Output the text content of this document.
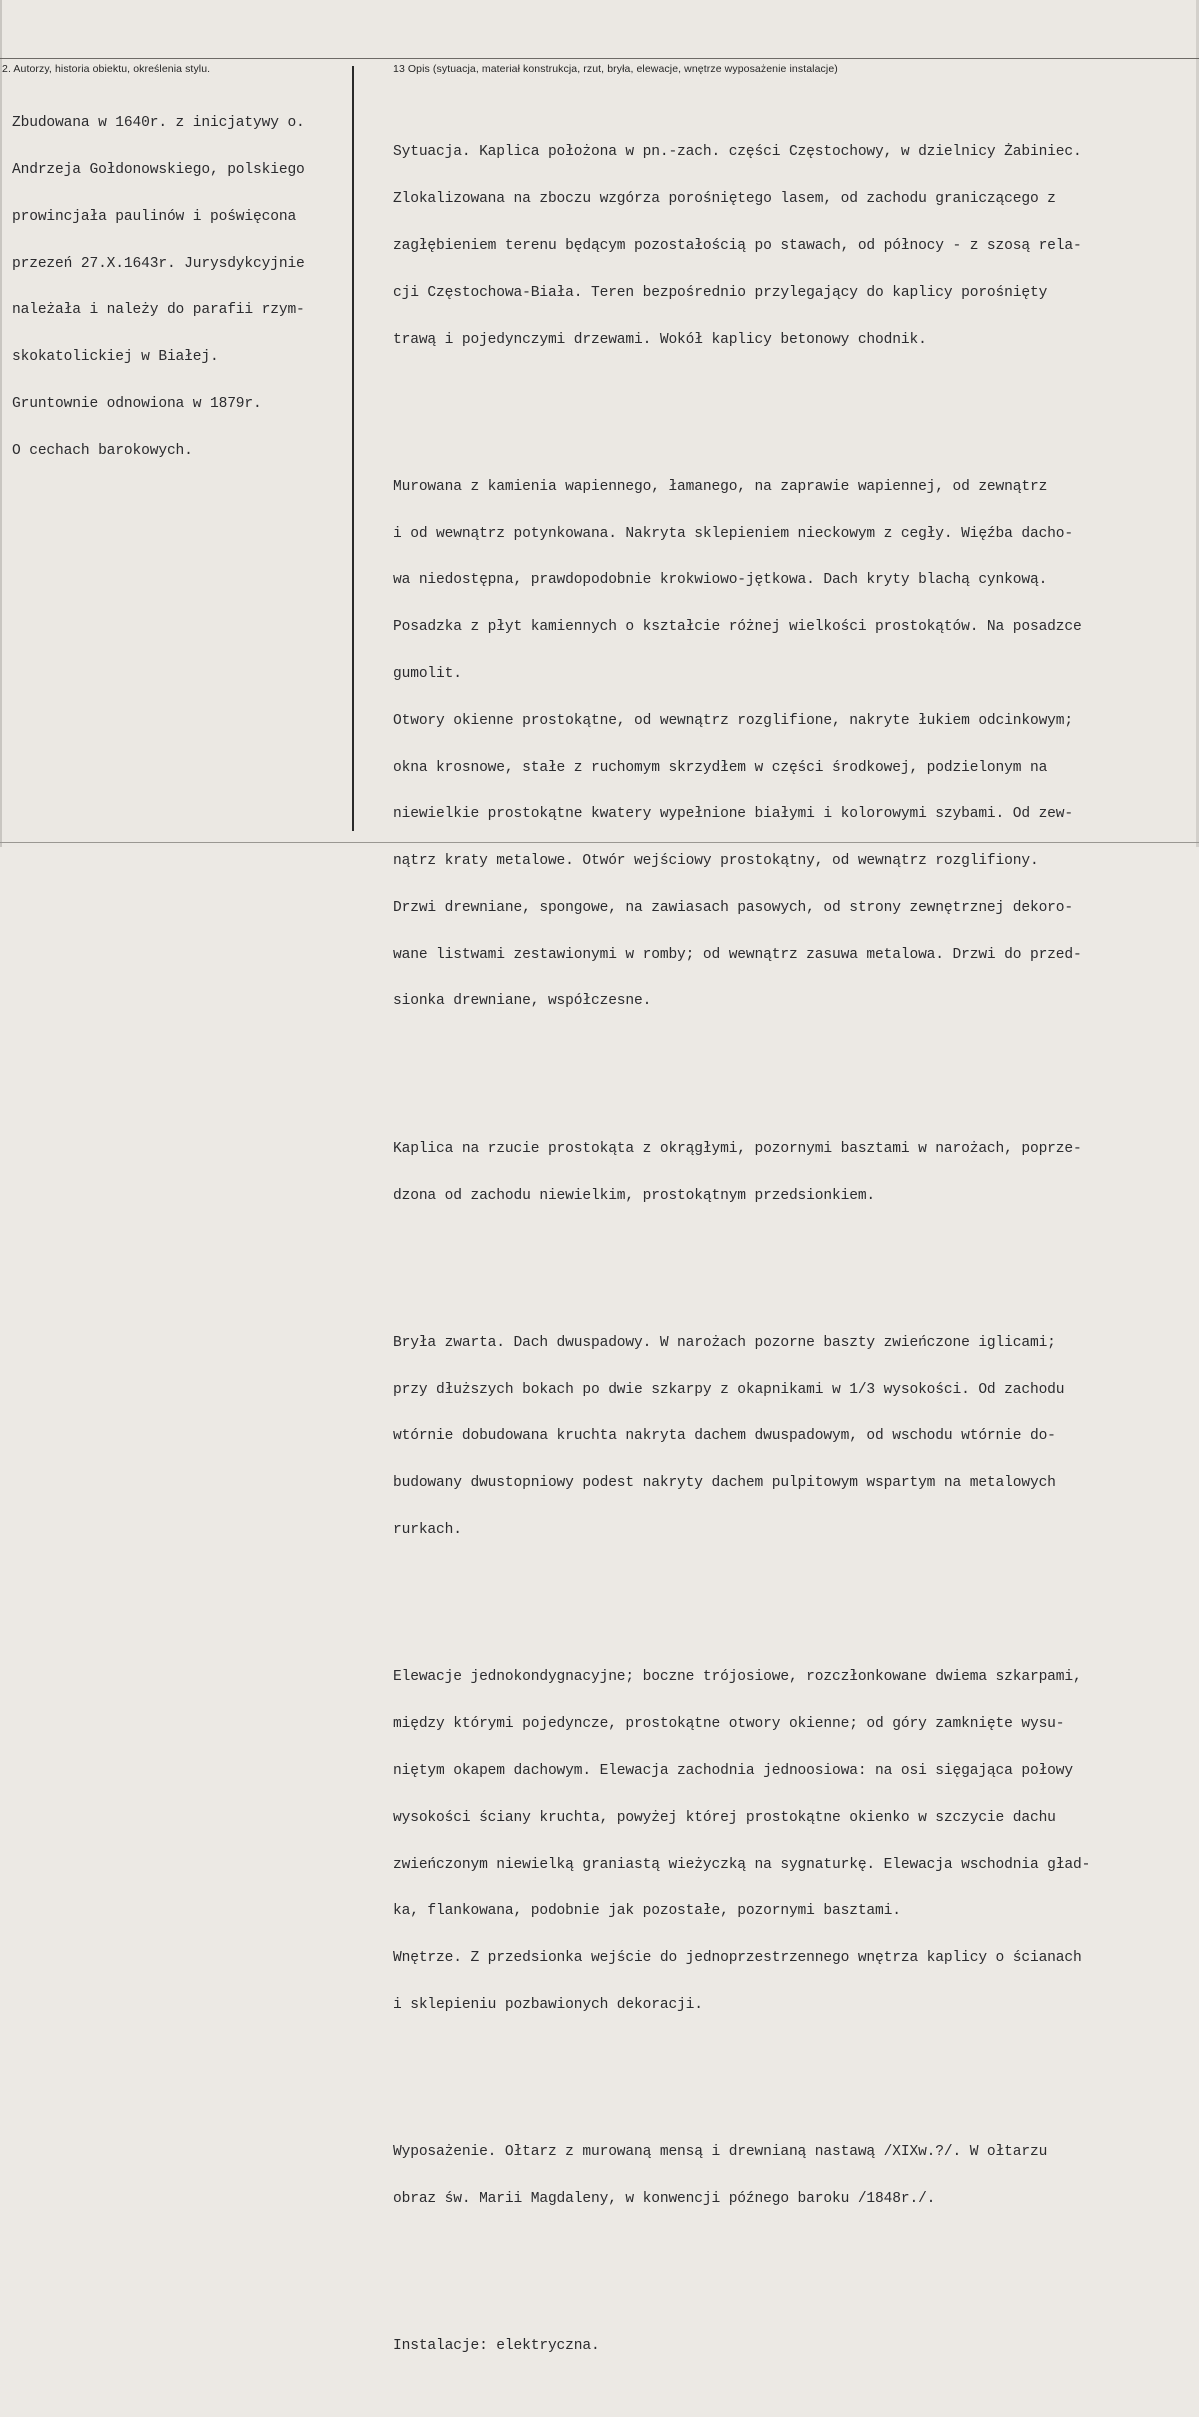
2. Autorzy, historia obiektu, określenia stylu.	13 Opis (sytuacja, materiał konstrukcja, rzut, bryła, elewacje, wnętrze wyposażenie instalacje)

Zbudowana w 1640r. z inicjatywy o.

Andrzeja Gołdonowskiego, polskiego

prowincjała paulinów i poświęcona

przezeń 27.X.1643r. Jurysdykcyjnie

należała i należy do parafii rzym-

skokatolickiej w Białej.

Gruntownie odnowiona w 1879r.

O cechach barokowych.

Sytuacja. Kaplica położona w pn.-zach. części Częstochowy, w dzielnicy Żabiniec.

Zlokalizowana na zboczu wzgórza porośniętego lasem, od zachodu graniczącego z

zagłębieniem terenu będącym pozostałością po stawach, od północy - z szosą rela-

cji Częstochowa-Biała. Teren bezpośrednio przylegający do kaplicy porośnięty

trawą i pojedynczymi drzewami. Wokół kaplicy betonowy chodnik.

Murowana z kamienia wapiennego, łamanego, na zaprawie wapiennej, od zewnątrz

i od wewnątrz potynkowana. Nakryta sklepieniem nieckowym z cegły. Więźba dacho-

wa niedostępna, prawdopodobnie krokwiowo-jętkowa. Dach kryty blachą cynkową.

Posadzka z płyt kamiennych o kształcie różnej wielkości prostokątów. Na posadzce

gumolit.

Otwory okienne prostokątne, od wewnątrz rozglifione, nakryte łukiem odcinkowym;

okna krosnowe, stałe z ruchomym skrzydłem w części środkowej, podzielonym na

niewielkie prostokątne kwatery wypełnione białymi i kolorowymi szybami. Od zew-

nątrz kraty metalowe. Otwór wejściowy prostokątny, od wewnątrz rozglifiony.

Drzwi drewniane, spongowe, na zawiasach pasowych, od strony zewnętrznej dekoro-

wane listwami zestawionymi w romby; od wewnątrz zasuwa metalowa. Drzwi do przed-

sionka drewniane, współczesne.

Kaplica na rzucie prostokąta z okrągłymi, pozornymi basztami w narożach, poprze-

dzona od zachodu niewielkim, prostokątnym przedsionkiem.

Bryła zwarta. Dach dwuspadowy. W narożach pozorne baszty zwieńczone iglicami;

przy dłuższych bokach po dwie szkarpy z okapnikami w 1/3 wysokości. Od zachodu

wtórnie dobudowana kruchta nakryta dachem dwuspadowym, od wschodu wtórnie do-

budowany dwustopniowy podest nakryty dachem pulpitowym wspartym na metalowych

rurkach.

Elewacje jednokondygnacyjne; boczne trójosiowe, rozczłonkowane dwiema szkarpami,

między którymi pojedyncze, prostokątne otwory okienne; od góry zamknięte wysu-

niętym okapem dachowym. Elewacja zachodnia jednoosiowa: na osi sięgająca połowy

wysokości ściany kruchta, powyżej której prostokątne okienko w szczycie dachu

zwieńczonym niewielką graniastą wieżyczką na sygnaturkę. Elewacja wschodnia gład-

ka, flankowana, podobnie jak pozostałe, pozornymi basztami.

Wnętrze. Z przedsionka wejście do jednoprzestrzennego wnętrza kaplicy o ścianach

i sklepieniu pozbawionych dekoracji.

Wyposażenie. Ołtarz z murowaną mensą i drewnianą nastawą /XIXw.?/. W ołtarzu

obraz św. Marii Magdaleny, w konwencji późnego baroku /1848r./.

Instalacje: elektryczna.
